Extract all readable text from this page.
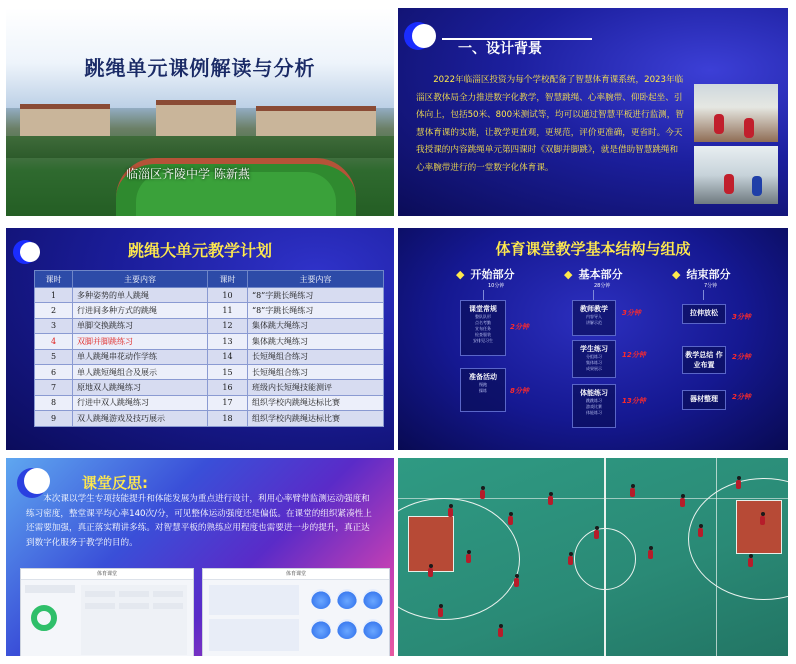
跳绳单元课例解读与分析
临淄区齐陵中学 陈新燕
一、设计背景
2022年临淄区投资为每个学校配备了智慧体育课系统，2023年临淄区教体局全力推进数字化教学，智慧跳绳、心率腕带、仰卧起坐、引体向上，包括50米、800米测试等，均可以通过智慧平板进行监测，智慧体育课的实施，让教学更直观，更规范，评价更准确，更省时。今天我授课的内容跳绳单元第四课时《双脚并脚跳》，就是借助智慧跳绳和心率腕带进行的一堂数字化体育课。
跳绳大单元教学计划
课时	主要内容	课时	主要内容
1	多种姿势的单人跳绳	10	“8”字跳长绳练习
2	行进间多种方式的跳绳	11	“8”字跳长绳练习
3	单脚交换跳练习	12	集体跳大绳练习
4	双脚并脚跳练习	13	集体跳大绳练习
5	单人跳绳串花动作学练	14	长短绳组合练习
6	单人跳短绳组合及展示	15	长短绳组合练习
7	原地双人跳绳练习	16	班级内长短绳技能测评
8	行进中双人跳绳练习	17	组织学校内跳绳达标比赛
9	双人跳绳游戏及技巧展示	18	组织学校内跳绳达标比赛
体育课堂教学基本结构与组成
◆ 开始部分
10分钟
◆ 基本部分
28分钟
◆ 结束部分
7分钟
课堂常规
整队队形
点名考勤
宣布任务
检查服装
安排见习生
2分钟
准备活动
慢跑
操练	8分钟
教师教学
内容导入
讲解示范
3分钟
学生练习
分组练习
集体练习
成果展示
12分钟
体能练习
跳跳练习
游戏比赛
体能练习
13分钟
拉伸放松	3分钟
教学总结 作业布置
2分钟
器材整理	2分钟
课堂反思:
本次课以学生专项技能提升和体能发展为重点进行设计，利用心率臂带监测运动强度和练习密度，整堂课平均心率140次/分，可见整体运动强度还是偏低。在课堂的组织紧凑性上还需要加强，真正落实精讲多练。对智慧平板的熟练应用程度也需要进一步的提升，真正达到数字化服务于教学的目的。
体育课堂	体育课堂
